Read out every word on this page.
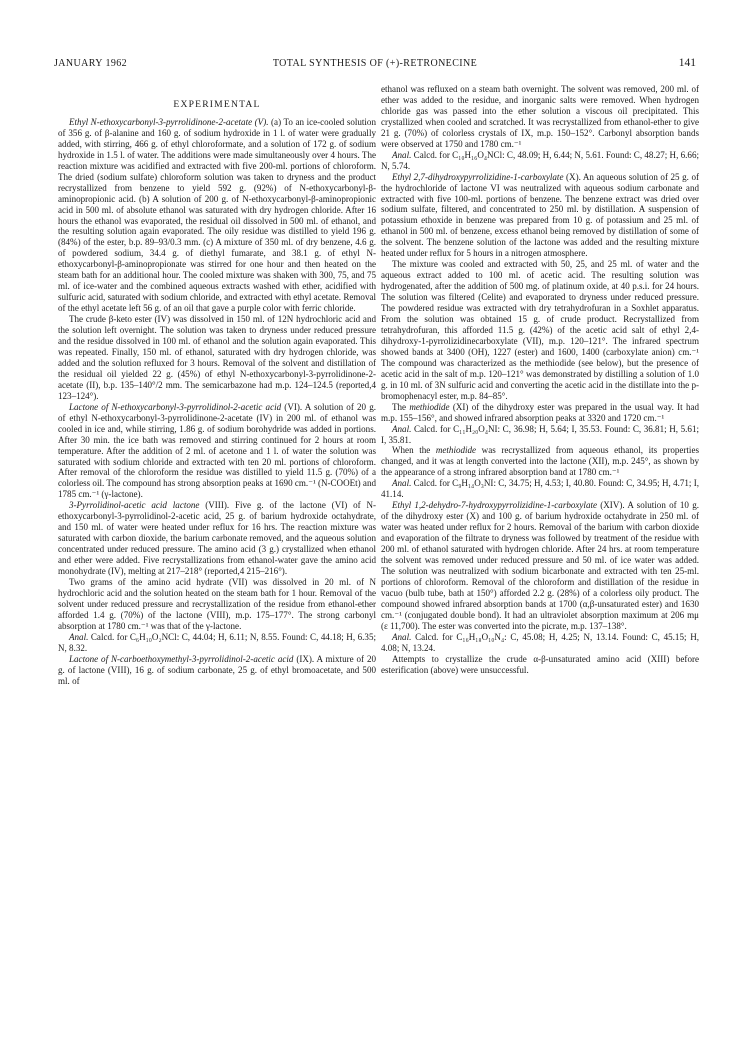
JANUARY 1962	TOTAL SYNTHESIS OF (+)-RETRONECINE	141
EXPERIMENTAL

Ethyl N-ethoxycarbonyl-3-pyrrolidinone-2-acetate (V). (a) To an ice-cooled solution of 356 g. of β-alanine and 160 g. of sodium hydroxide in 1 l. of water were gradually added, with stirring, 466 g. of ethyl chloroformate, and a solution of 172 g. of sodium hydroxide in 1.5 l. of water. The additions were made simultaneously over 4 hours. The reaction mixture was acidified and extracted with five 200-ml. portions of chloroform. The dried (sodium sulfate) chloroform solution was taken to dryness and the product recrystallized from benzene to yield 592 g. (92%) of N-ethoxycarbonyl-β-aminopropionic acid. (b) A solution of 200 g. of N-ethoxycarbonyl-β-aminopropionic acid in 500 ml. of absolute ethanol was saturated with dry hydrogen chloride. After 16 hours the ethanol was evaporated, the residual oil dissolved in 500 ml. of ethanol, and the resulting solution again evaporated. The oily residue was distilled to yield 196 g. (84%) of the ester, b.p. 89–93/0.3 mm. (c) A mixture of 350 ml. of dry benzene, 4.6 g. of powdered sodium, 34.4 g. of diethyl fumarate, and 38.1 g. of ethyl N-ethoxycarbonyl-β-aminopropionate was stirred for one hour and then heated on the steam bath for an additional hour. The cooled mixture was shaken with 300, 75, and 75 ml. of ice-water and the combined aqueous extracts washed with ether, acidified with sulfuric acid, saturated with sodium chloride, and extracted with ethyl acetate. Removal of the ethyl acetate left 56 g. of an oil that gave a purple color with ferric chloride.

The crude β-keto ester (IV) was dissolved in 150 ml. of 12N hydrochloric acid and the solution left overnight. The solution was taken to dryness under reduced pressure and the residue dissolved in 100 ml. of ethanol and the solution again evaporated. This was repeated. Finally, 150 ml. of ethanol, saturated with dry hydrogen chloride, was added and the solution refluxed for 3 hours. Removal of the solvent and distillation of the residual oil yielded 22 g. (45%) of ethyl N-ethoxycarbonyl-3-pyrrolidinone-2-acetate (II), b.p. 135–140°/2 mm. The semicarbazone had m.p. 124–124.5 (reported,4 123–124°).

Lactone of N-ethoxycarbonyl-3-pyrrolidinol-2-acetic acid (VI). A solution of 20 g. of ethyl N-ethoxycarbonyl-3-pyrrolidinone-2-acetate (IV) in 200 ml. of ethanol was cooled in ice and, while stirring, 1.86 g. of sodium borohydride was added in portions. After 30 min. the ice bath was removed and stirring continued for 2 hours at room temperature. After the addition of 2 ml. of acetone and 1 l. of water the solution was saturated with sodium chloride and extracted with ten 20 ml. portions of chloroform. After removal of the chloroform the residue was distilled to yield 11.5 g. (70%) of a colorless oil. The compound has strong absorption peaks at 1690 cm.⁻¹ (N-COOEt) and 1785 cm.⁻¹ (γ-lactone).

3-Pyrrolidinol-acetic acid lactone (VIII). Five g. of the lactone (VI) of N-ethoxycarbonyl-3-pyrrolidinol-2-acetic acid, 25 g. of barium hydroxide octahydrate, and 150 ml. of water were heated under reflux for 16 hrs. The reaction mixture was saturated with carbon dioxide, the barium carbonate removed, and the aqueous solution concentrated under reduced pressure. The amino acid (3 g.) crystallized when ethanol and ether were added. Five recrystallizations from ethanol-water gave the amino acid monohydrate (IV), melting at 217–218° (reported,4 215–216°).

Two grams of the amino acid hydrate (VII) was dissolved in 20 ml. of N hydrochloric acid and the solution heated on the steam bath for 1 hour. Removal of the solvent under reduced pressure and recrystallization of the residue from ethanol-ether afforded 1.4 g. (70%) of the lactone (VIII), m.p. 175–177°. The strong carbonyl absorption at 1780 cm.⁻¹ was that of the γ-lactone.

Anal. Calcd. for C₆H₁₀O₂NCl: C, 44.04; H, 6.11; N, 8.55. Found: C, 44.18; H, 6.35; N, 8.32.

Lactone of N-carboethoxymethyl-3-pyrrolidinol-2-acetic acid (IX). A mixture of 20 g. of lactone (VIII), 16 g. of sodium carbonate, 25 g. of ethyl bromoacetate, and 500 ml. of

ethanol was refluxed on a steam bath overnight. The solvent was removed, 200 ml. of ether was added to the residue, and inorganic salts were removed. When hydrogen chloride gas was passed into the ether solution a viscous oil precipitated. This crystallized when cooled and scratched. It was recrystallized from ethanol-ether to give 21 g. (70%) of colorless crystals of IX, m.p. 150–152°. Carbonyl absorption bands were observed at 1750 and 1780 cm.⁻¹

Anal. Calcd. for C₁₀H₁₆O₄NCl: C, 48.09; H, 6.44; N, 5.61. Found: C, 48.27; H, 6.66; N, 5.74.

Ethyl 2,7-dihydroxypyrrolizidine-1-carboxylate (X). An aqueous solution of 25 g. of the hydrochloride of lactone VI was neutralized with aqueous sodium carbonate and extracted with five 100-ml. portions of benzene. The benzene extract was dried over sodium sulfate, filtered, and concentrated to 250 ml. by distillation. A suspension of potassium ethoxide in benzene was prepared from 10 g. of potassium and 25 ml. of ethanol in 500 ml. of benzene, excess ethanol being removed by distillation of some of the solvent. The benzene solution of the lactone was added and the resulting mixture heated under reflux for 5 hours in a nitrogen atmosphere.

The mixture was cooled and extracted with 50, 25, and 25 ml. of water and the aqueous extract added to 100 ml. of acetic acid. The resulting solution was hydrogenated, after the addition of 500 mg. of platinum oxide, at 40 p.s.i. for 24 hours. The solution was filtered (Celite) and evaporated to dryness under reduced pressure. The powdered residue was extracted with dry tetrahydrofuran in a Soxhlet apparatus. From the solution was obtained 15 g. of crude product. Recrystallized from tetrahydrofuran, this afforded 11.5 g. (42%) of the acetic acid salt of ethyl 2,4-dihydroxy-1-pyrrolizidinecarboxylate (VII), m.p. 120–121°. The infrared spectrum showed bands at 3400 (OH), 1227 (ester) and 1600, 1400 (carboxylate anion) cm.⁻¹ The compound was characterized as the methiodide (see below), but the presence of acetic acid in the salt of m.p. 120–121° was demonstrated by distilling a solution of 1.0 g. in 10 ml. of 3N sulfuric acid and converting the acetic acid in the distillate into the p-bromophenacyl ester, m.p. 84–85°.

The methiodide (XI) of the dihydroxy ester was prepared in the usual way. It had m.p. 155–156°, and showed infrared absorption peaks at 3320 and 1720 cm.⁻¹

Anal. Calcd. for C₁₁H₂₀O₄NI: C, 36.98; H, 5.64; I, 35.53. Found: C, 36.81; H, 5.61; I, 35.81.

When the methiodide was recrystallized from aqueous ethanol, its properties changed, and it was at length converted into the lactone (XII), m.p. 245°, as shown by the appearance of a strong infrared absorption band at 1780 cm.⁻¹

Anal. Calcd. for C₉H₁₄O₃NI: C, 34.75; H, 4.53; I, 40.80. Found: C, 34.95; H, 4.71; I, 41.14.

Ethyl 1,2-dehydro-7-hydroxypyrrolizidine-1-carboxylate (XIV). A solution of 10 g. of the dihydroxy ester (X) and 100 g. of barium hydroxide octahydrate in 250 ml. of water was heated under reflux for 2 hours. Removal of the barium with carbon dioxide and evaporation of the filtrate to dryness was followed by treatment of the residue with 200 ml. of ethanol saturated with hydrogen chloride. After 24 hrs. at room temperature the solvent was removed under reduced pressure and 50 ml. of ice water was added. The solution was neutralized with sodium bicarbonate and extracted with ten 25-ml. portions of chloroform. Removal of the chloroform and distillation of the residue in vacuo (bulb tube, bath at 150°) afforded 2.2 g. (28%) of a colorless oily product. The compound showed infrared absorption bands at 1700 (α,β-unsaturated ester) and 1630 cm.⁻¹ (conjugated double bond). It had an ultraviolet absorption maximum at 206 mμ (ε 11,700). The ester was converted into the picrate, m.p. 137–138°.

Anal. Calcd. for C₁₆H₁₈O₁₀N₄: C, 45.08; H, 4.25; N, 13.14. Found: C, 45.15; H, 4.08; N, 13.24.

Attempts to crystallize the crude α-β-unsaturated amino acid (XIII) before esterification (above) were unsuccessful.
